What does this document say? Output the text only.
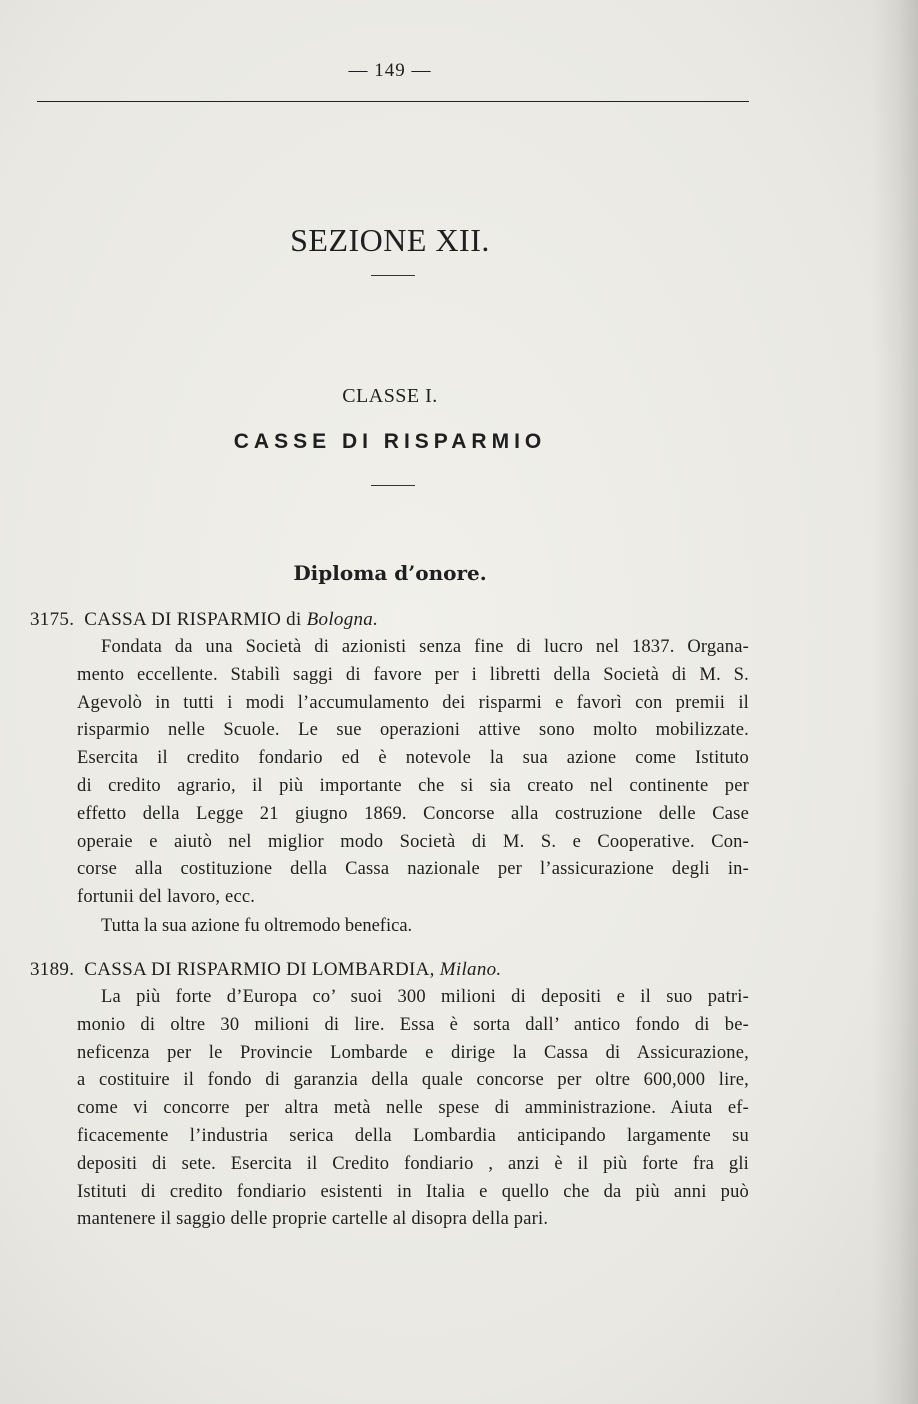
— 149 —
SEZIONE XII.
CLASSE I.
CASSE DI RISPARMIO
Diploma d’onore.
3175. CASSA DI RISPARMIO di Bologna.
Fondata da una Società di azionisti senza fine di lucro nel 1837. Organa-
mento eccellente. Stabilì saggi di favore per i libretti della Società di M. S.
Agevolò in tutti i modi l’accumulamento dei risparmi e favorì con premii il
risparmio nelle Scuole. Le sue operazioni attive sono molto mobilizzate.
Esercita il credito fondario ed è notevole la sua azione come Istituto
di credito agrario, il più importante che si sia creato nel continente per
effetto della Legge 21 giugno 1869. Concorse alla costruzione delle Case
operaie e aiutò nel miglior modo Società di M. S. e Cooperative. Con-
corse alla costituzione della Cassa nazionale per l’assicurazione degli in-
fortunii del lavoro, ecc.
Tutta la sua azione fu oltremodo benefica.
3189. CASSA DI RISPARMIO DI LOMBARDIA, Milano.
La più forte d’Europa co’ suoi 300 milioni di depositi e il suo patri-
monio di oltre 30 milioni di lire. Essa è sorta dall’ antico fondo di be-
neficenza per le Provincie Lombarde e dirige la Cassa di Assicurazione,
a costituire il fondo di garanzia della quale concorse per oltre 600,000 lire,
come vi concorre per altra metà nelle spese di amministrazione. Aiuta ef-
ficacemente l’industria serica della Lombardia anticipando largamente su
depositi di sete. Esercita il Credito fondiario , anzi è il più forte fra gli
Istituti di credito fondiario esistenti in Italia e quello che da più anni può
mantenere il saggio delle proprie cartelle al disopra della pari.
